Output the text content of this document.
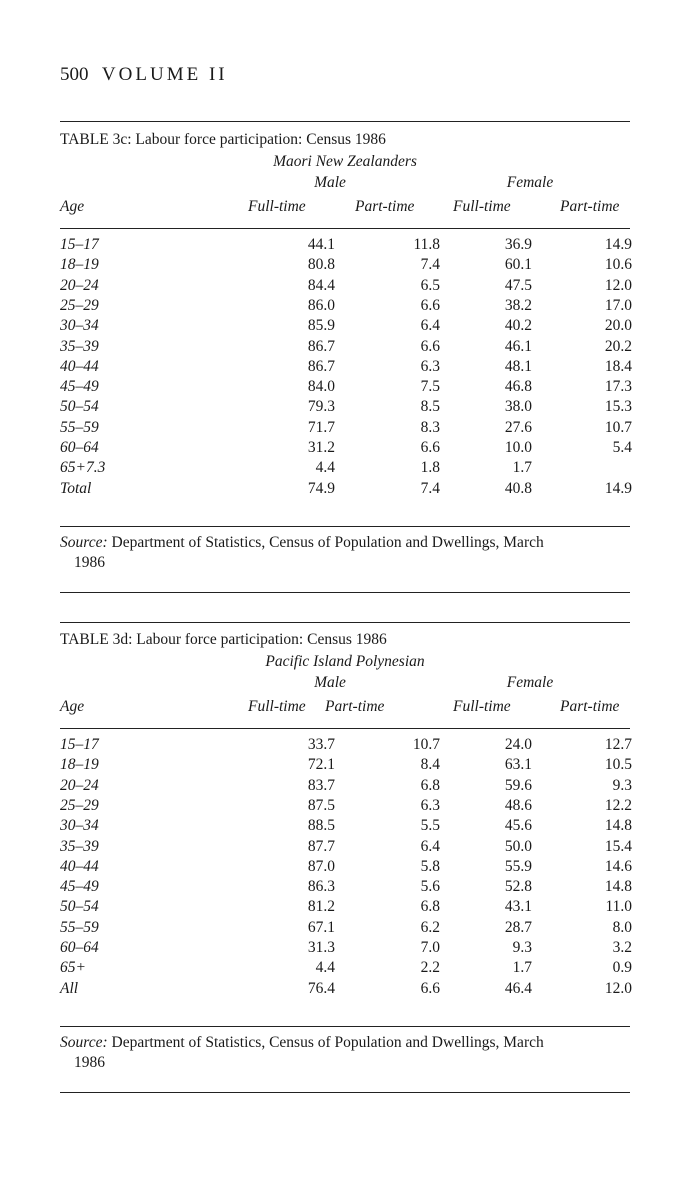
500 VOLUME II
TABLE 3c: Labour force participation: Census 1986
Maori New Zealanders
Male	Female
Age	Full-time	Part-time Full-time	Part-time
15–17	44.1	11.8	36.9	14.9
18–19	80.8	7.4	60.1	10.6
20–24	84.4	6.5	47.5	12.0
25–29	86.0	6.6	38.2	17.0
30–34	85.9	6.4	40.2	20.0
35–39	86.7	6.6	46.1	20.2
40–44	86.7	6.3	48.1	18.4
45–49	84.0	7.5	46.8	17.3
50–54	79.3	8.5	38.0	15.3
55–59	71.7	8.3	27.6	10.7
60–64	31.2	6.6	10.0	5.4
65+7.3	4.4	1.8	1.7
Total	74.9	7.4	40.8	14.9
Source: Department of Statistics, Census of Population and Dwellings, March
1986
TABLE 3d: Labour force participation: Census 1986
Pacific Island Polynesian
Male	Female
Age	Full-time Part-time	Full-time	Part-time
15–17	33.7	10.7	24.0	12.7
18–19	72.1	8.4	63.1	10.5
20–24	83.7	6.8	59.6	9.3
25–29	87.5	6.3	48.6	12.2
30–34	88.5	5.5	45.6	14.8
35–39	87.7	6.4	50.0	15.4
40–44	87.0	5.8	55.9	14.6
45–49	86.3	5.6	52.8	14.8
50–54	81.2	6.8	43.1	11.0
55–59	67.1	6.2	28.7	8.0
60–64	31.3	7.0	9.3	3.2
65+	4.4	2.2	1.7	0.9
All	76.4	6.6	46.4	12.0
Source: Department of Statistics, Census of Population and Dwellings, March
1986
